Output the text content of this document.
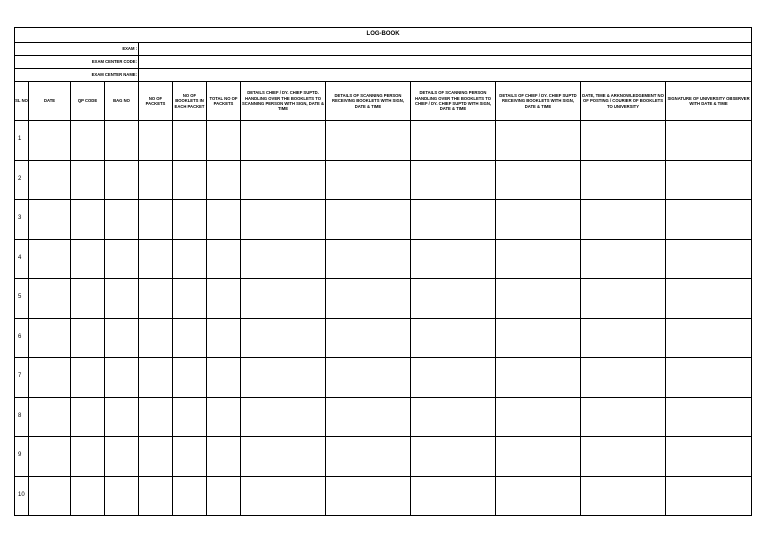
LOG-BOOK												
EXAM :												
EXAM CENTER CODE:												
EXAM CENTER NAME:												
SL NO	DATE	QP CODE	BAG NO	NO OF PACKETS	NO OF BOOKLETS IN EACH PACKET	TOTAL NO OF PACKETS	DETAILS CHIEF / DY. CHIEF SUPTD. HANDLING OVER THE BOOKLETS TO SCANNING PERSON WITH SIGN, DATE & TIME	DETAILS OF SCANNING PERSON RECEIVING BOOKLETS WITH SIGN, DATE & TIME	DETAILS OF SCANNING PERSON HANDLING OVER THE BOOKLETS TO CHIEF / DY. CHIEF SUPTD WITH SIGN, DATE & TIME	DETAILS OF CHIEF / DY. CHIEF SUPTD RECEIVING BOOKLETS WITH SIGN, DATE & TIME	DATE, TIME & ARKNOWLEDGEMENT NO OF POSTING / COURIER OF BOOKLETS TO UNIVERSITY	SIGNATURE OF UNIVERSITY OBSERVER WITH DATE & TIME
1												
2												
3												
4												
5												
6												
7												
8												
9												
10												
